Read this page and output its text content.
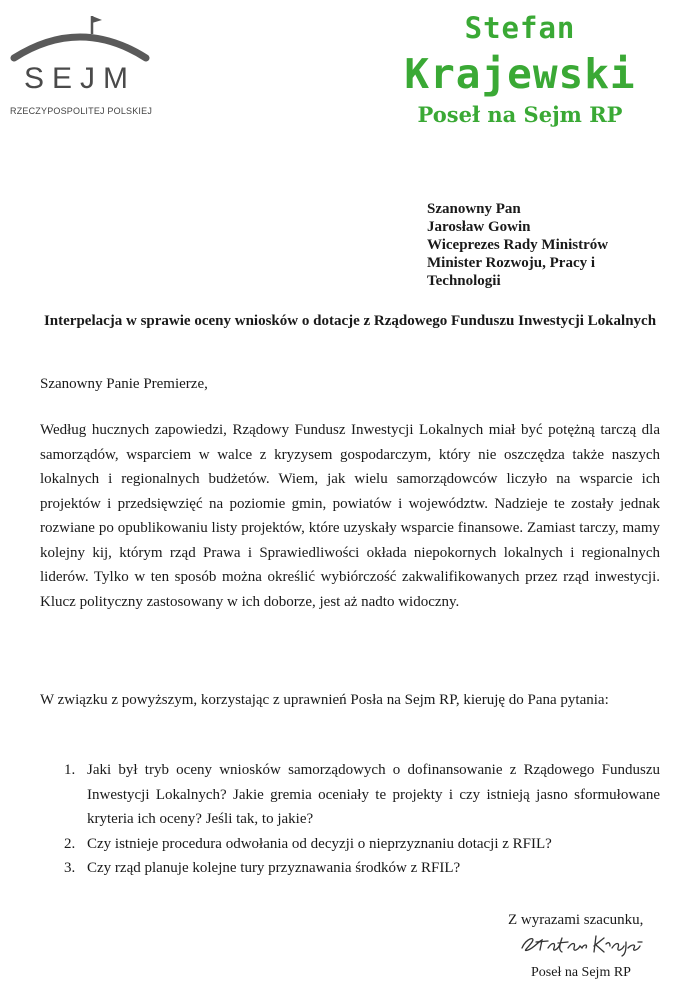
SEJM
RZECZYPOSPOLITEJ POLSKIEJ
Stefan
Krajewski
Poseł na Sejm RP
Szanowny Pan
Jarosław Gowin
Wiceprezes Rady Ministrów
Minister Rozwoju, Pracy i
Technologii
Interpelacja w sprawie oceny wniosków o dotacje z Rządowego Funduszu Inwestycji Lokalnych
Szanowny Panie Premierze,
Według hucznych zapowiedzi, Rządowy Fundusz Inwestycji Lokalnych miał być potężną tarczą dla samorządów, wsparciem w walce z kryzysem gospodarczym, który nie oszczędza także naszych lokalnych i regionalnych budżetów. Wiem, jak wielu samorządowców liczyło na wsparcie ich projektów i przedsięwzięć na poziomie gmin, powiatów i województw. Nadzieje te zostały jednak rozwiane po opublikowaniu listy projektów, które uzyskały wsparcie finansowe. Zamiast tarczy, mamy kolejny kij, którym rząd Prawa i Sprawiedliwości okłada niepokornych lokalnych i regionalnych liderów. Tylko w ten sposób można określić wybiórczość zakwalifikowanych przez rząd inwestycji. Klucz polityczny zastosowany w ich doborze, jest aż nadto widoczny.
W związku z powyższym, korzystając z uprawnień Posła na Sejm RP, kieruję do Pana pytania:
1. Jaki był tryb oceny wniosków samorządowych o dofinansowanie z Rządowego Funduszu Inwestycji Lokalnych? Jakie gremia oceniały te projekty i czy istnieją jasno sformułowane kryteria ich oceny? Jeśli tak, to jakie?
2. Czy istnieje procedura odwołania od decyzji o nieprzyznaniu dotacji z RFIL?
3. Czy rząd planuje kolejne tury przyznawania środków z RFIL?
Z wyrazami szacunku,
Poseł na Sejm RP
